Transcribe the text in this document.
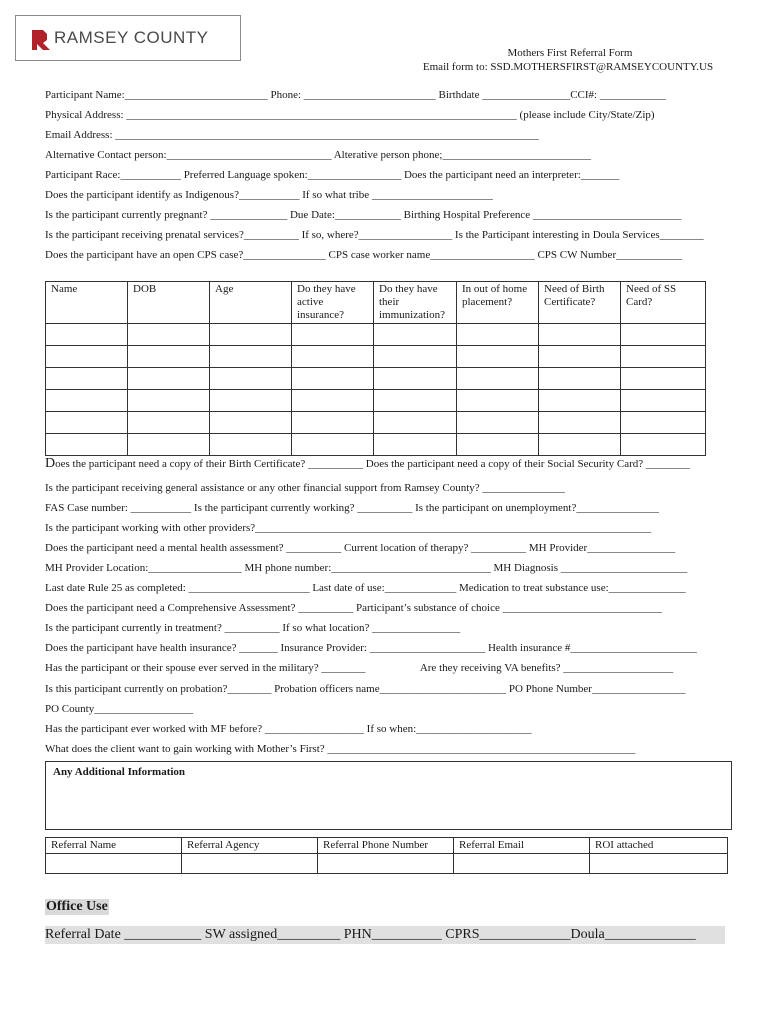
RAMSEY COUNTY
Mothers First Referral Form
Email form to: SSD.MOTHERSFIRST@RAMSEYCOUNTY.US
Participant Name:__________________________ Phone: ________________________ Birthdate ________________CCI#: ____________
Physical Address: _______________________________________________________________________ (please include City/State/Zip)
Email Address: _____________________________________________________________________________
Alternative Contact person:______________________________ Alterative person phone;___________________________
Participant Race:___________ Preferred Language spoken:_________________ Does the participant need an interpreter:_______
Does the participant identify as Indigenous?___________ If so what tribe ______________________
Is the participant currently pregnant? ______________ Due Date:____________ Birthing Hospital Preference ___________________________
Is the participant receiving prenatal services?__________ If so, where?_________________ Is the Participant interesting in Doula Services________
Does the participant have an open CPS case?_______________ CPS case worker name___________________ CPS CW Number____________
Name	DOB	Age	Do they have active insurance?	Do they have their immunization?	In out of home placement?	Need of Birth Certificate?	Need of SS Card?

Does the participant need a copy of their Birth Certificate? __________ Does the participant need a copy of their Social Security Card? ________
Is the participant receiving general assistance or any other financial support from Ramsey County? _______________
FAS Case number: ___________ Is the participant currently working? __________ Is the participant on unemployment?_______________
Is the participant working with other providers?________________________________________________________________________
Does the participant need a mental health assessment? __________ Current location of therapy? __________ MH Provider________________
MH Provider Location:_________________ MH phone number:_____________________________ MH Diagnosis _______________________
Last date Rule 25 as completed: ______________________ Last date of use:_____________ Medication to treat substance use:______________
Does the participant need a Comprehensive Assessment? __________ Participant’s substance of choice _____________________________
Is the participant currently in treatment? __________ If so what location? ________________
Does the participant have health insurance? _______ Insurance Provider: _____________________ Health insurance #_______________________
Has the participant or their spouse ever served in the military? ________                    Are they receiving VA benefits? ____________________
Is this participant currently on probation?________ Probation officers name_______________________ PO Phone Number_________________
PO County__________________
Has the participant ever worked with MF before? __________________ If so when:_____________________
What does the client want to gain working with Mother’s First? ________________________________________________________
Any Additional Information
Referral Name	Referral Agency	Referral Phone Number	Referral Email	ROI attached

Office Use
Referral Date ___________ SW assigned_________ PHN__________ CPRS_____________Doula_____________
